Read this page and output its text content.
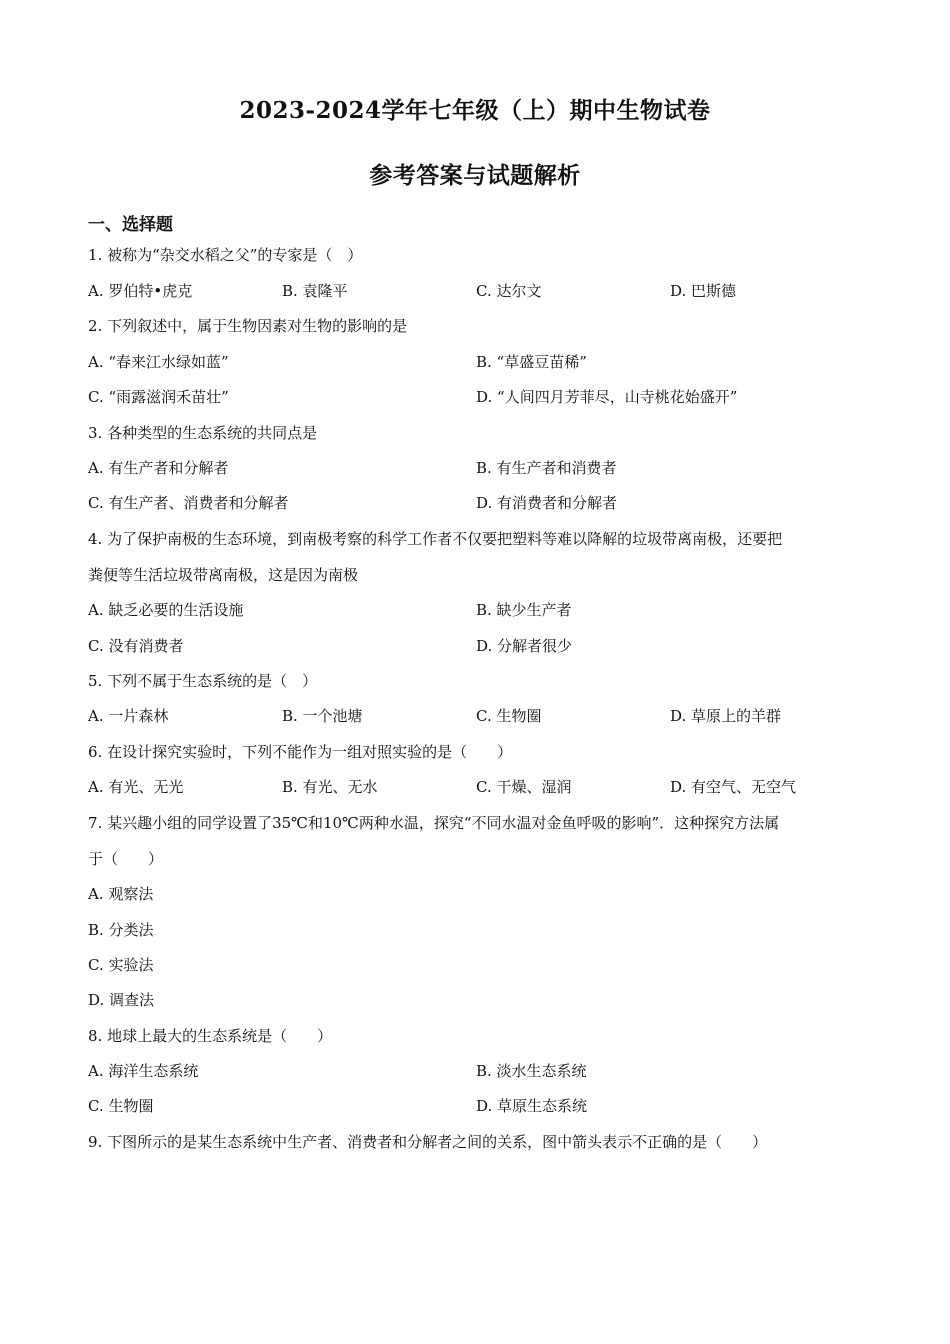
2023-2024学年七年级（上）期中生物试卷
参考答案与试题解析
一、选择题
1. 被称为“杂交水稻之父”的专家是（　）
A. 罗伯特•虎克	B. 袁隆平	C. 达尔文	D. 巴斯德
2. 下列叙述中，属于生物因素对生物的影响的是
A. “春来江水绿如蓝”	B. “草盛豆苗稀”
C. “雨露滋润禾苗壮”	D. “人间四月芳菲尽，山寺桃花始盛开”
3. 各种类型的生态系统的共同点是
A. 有生产者和分解者	B. 有生产者和消费者
C. 有生产者、消费者和分解者	D. 有消费者和分解者
4. 为了保护南极的生态环境，到南极考察的科学工作者不仅要把塑料等难以降解的垃圾带离南极，还要把
粪便等生活垃圾带离南极，这是因为南极
A. 缺乏必要的生活设施	B. 缺少生产者
C. 没有消费者	D. 分解者很少
5. 下列不属于生态系统的是（　）
A. 一片森林	B. 一个池塘	C. 生物圈	D. 草原上的羊群
6. 在设计探究实验时，下列不能作为一组对照实验的是（　　）
A. 有光、无光	B. 有光、无水	C. 干燥、湿润	D. 有空气、无空气
7. 某兴趣小组的同学设置了35℃和10℃两种水温，探究“不同水温对金鱼呼吸的影响”．这种探究方法属
于（　　）
A. 观察法
B. 分类法
C. 实验法
D. 调查法
8. 地球上最大的生态系统是（　　）
A. 海洋生态系统	B. 淡水生态系统
C. 生物圈	D. 草原生态系统
9. 下图所示的是某生态系统中生产者、消费者和分解者之间的关系，图中箭头表示不正确的是（　　）
